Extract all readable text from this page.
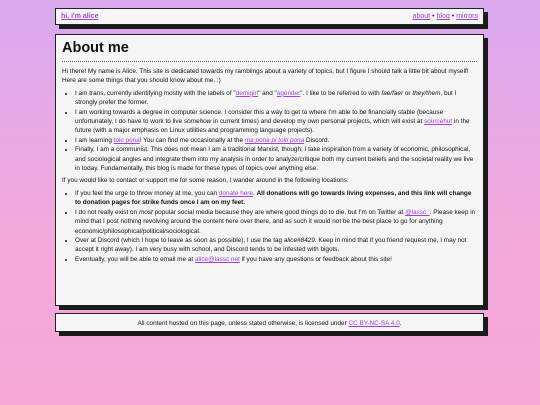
hi, i'm alice	about • blog • mirrors
About me

Hi there! My name is Alice. This site is dedicated towards my ramblings about a variety of topics, but I figure I should talk a little bit about myself! Here are some things that you should know about me. :)

• I am trans, currently identifying mostly with the labels of "demigirl" and "agender". I like to be referred to with fae/faer or they/them, but I strongly prefer the former.
• I am working towards a degree in computer science. I consider this a way to get to where I'm able to be financially stable (because unfortunately, I do have to work to live somehow in current times) and develop my own personal projects, which will exist at sourcehut in the future (with a major emphasis on Linux utilities and programming language projects).
• I am learning toki pona! You can find me occasionally at the ma pona pi toki pona Discord.
• Finally, I am a communist. This does not mean I am a traditional Marxist, though; I take inspiration from a variety of economic, philosophical, and sociological angles and integrate them into my analysis in order to analyze/critique both my current beliefs and the societal reality we live in today. Fundamentally, this blog is made for these types of topics over anything else.

If you would like to contact or support me for some reason, I wander around in the following locations:

• If you feel the urge to throw money at me, you can donate here. All donations will go towards living expenses, and this link will change to donation pages for strike funds once I am on my feet.
• I do not really exist on most popular social media because they are where good things do to die, but I'm on Twitter at @lassc_. Please keep in mind that I post nothing revolving around the content here over there, and as such it would not be the best place to go for anything economic/philosophical/political/sociological.
• Over at Discord (which I hope to leave as soon as possible), I use the tag alice#8429. Keep in mind that if you friend request me, I may not accept it right away). I am very busy with school, and Discord tends to be infested with bigots.
• Eventually, you will be able to email me at alice@lassc.net if you have any questions or feedback about this site!
All content hosted on this page, unless stated otherwise, is licensed under CC BY-NC-SA 4.0.
